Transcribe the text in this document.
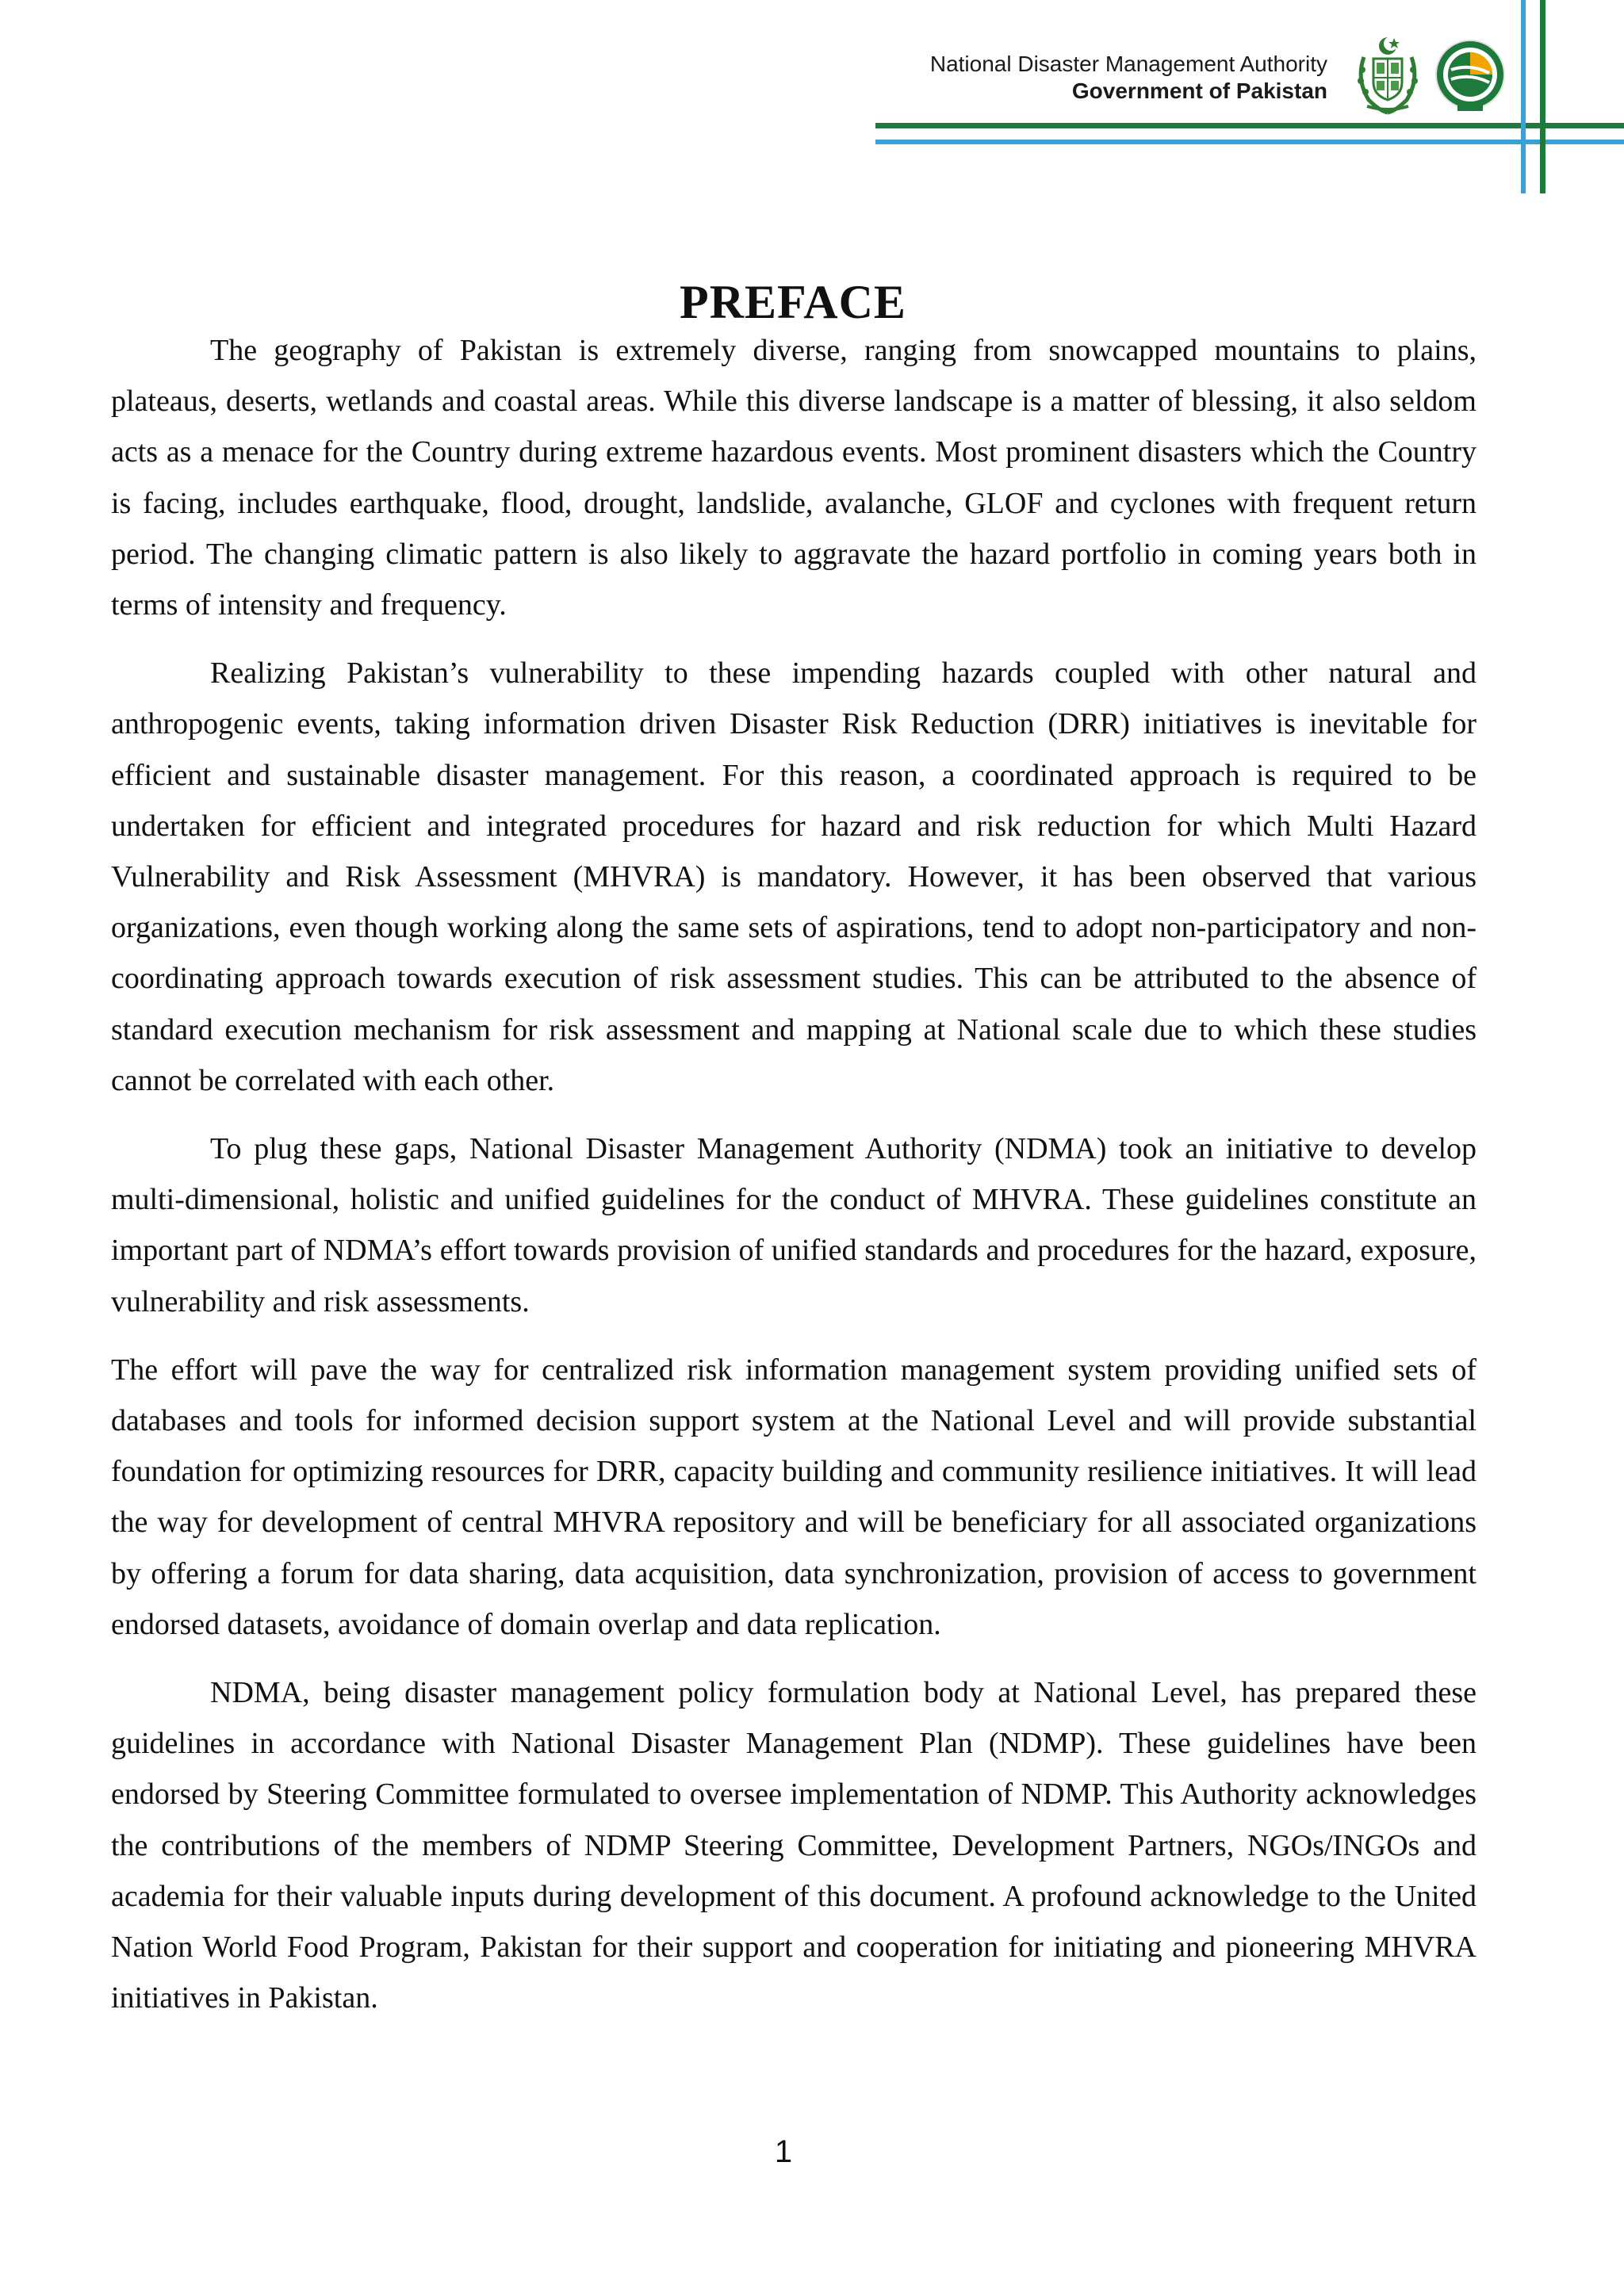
National Disaster Management Authority
Government of Pakistan
PREFACE

The geography of Pakistan is extremely diverse, ranging from snowcapped mountains to plains, plateaus, deserts, wetlands and coastal areas. While this diverse landscape is a matter of blessing, it also seldom acts as a menace for the Country during extreme hazardous events. Most prominent disasters which the Country is facing, includes earthquake, flood, drought, landslide, avalanche, GLOF and cyclones with frequent return period. The changing climatic pattern is also likely to aggravate the hazard portfolio in coming years both in terms of intensity and frequency.

Realizing Pakistan’s vulnerability to these impending hazards coupled with other natural and anthropogenic events, taking information driven Disaster Risk Reduction (DRR) initiatives is inevitable for efficient and sustainable disaster management. For this reason, a coordinated approach is required to be undertaken for efficient and integrated procedures for hazard and risk reduction for which Multi Hazard Vulnerability and Risk Assessment (MHVRA) is mandatory. However, it has been observed that various organizations, even though working along the same sets of aspirations, tend to adopt non-participatory and non-coordinating approach towards execution of risk assessment studies. This can be attributed to the absence of standard execution mechanism for risk assessment and mapping at National scale due to which these studies cannot be correlated with each other.

To plug these gaps, National Disaster Management Authority (NDMA) took an initiative to develop multi-dimensional, holistic and unified guidelines for the conduct of MHVRA. These guidelines constitute an important part of NDMA’s effort towards provision of unified standards and procedures for the hazard, exposure, vulnerability and risk assessments.

The effort will pave the way for centralized risk information management system providing unified sets of databases and tools for informed decision support system at the National Level and will provide substantial foundation for optimizing resources for DRR, capacity building and community resilience initiatives. It will lead the way for development of central MHVRA repository and will be beneficiary for all associated organizations by offering a forum for data sharing, data acquisition, data synchronization, provision of access to government endorsed datasets, avoidance of domain overlap and data replication.

NDMA, being disaster management policy formulation body at National Level, has prepared these guidelines in accordance with National Disaster Management Plan (NDMP). These guidelines have been endorsed by Steering Committee formulated to oversee implementation of NDMP. This Authority acknowledges the contributions of the members of NDMP Steering Committee, Development Partners, NGOs/INGOs and academia for their valuable inputs during development of this document. A profound acknowledge to the United Nation World Food Program, Pakistan for their support and cooperation for initiating and pioneering MHVRA initiatives in Pakistan.

1
